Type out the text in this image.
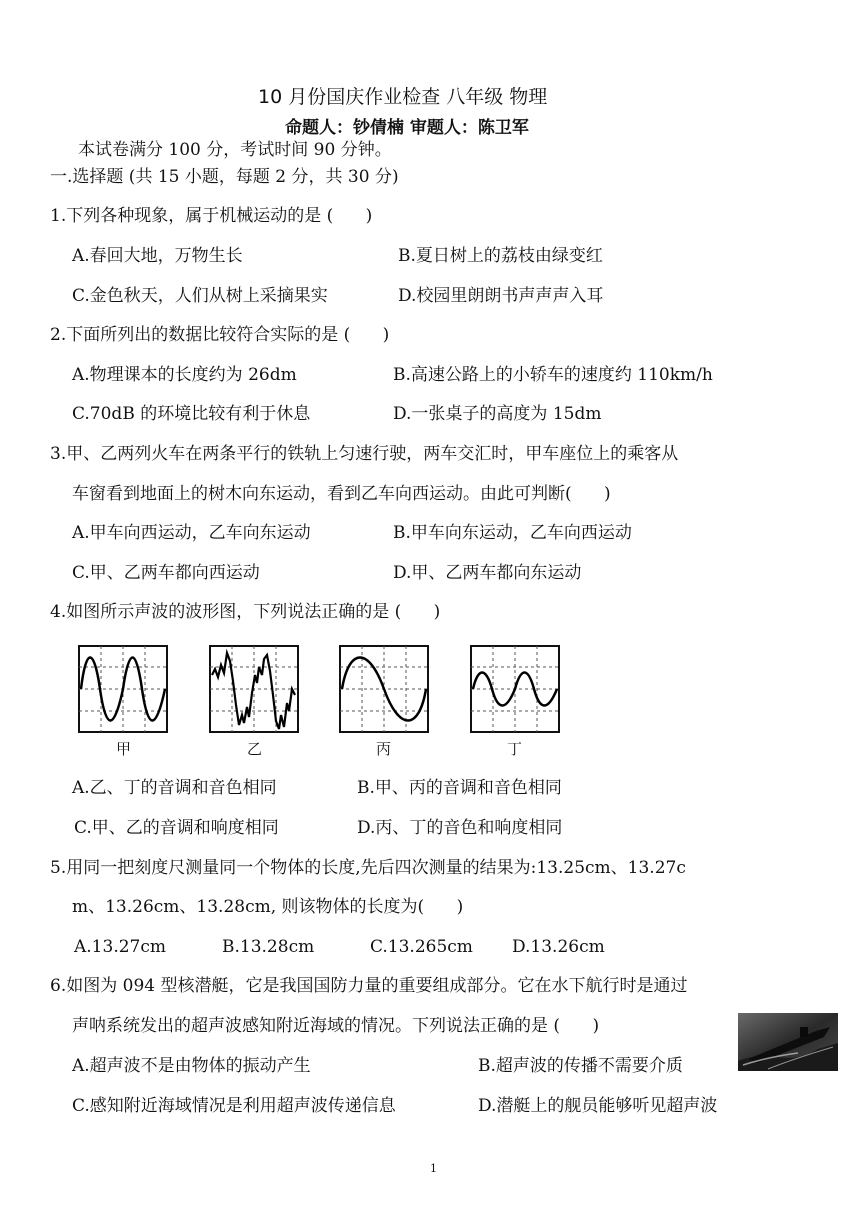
10 月份国庆作业检查 八年级 物理
命题人：钞倩楠 审题人：陈卫军
本试卷满分 100 分，考试时间 90 分钟。
一.选择题 (共 15 小题，每题 2 分，共 30 分)
1.下列各种现象，属于机械运动的是 (      )
A.春回大地，万物生长	B.夏日树上的荔枝由绿变红
C.金色秋天，人们从树上采摘果实	D.校园里朗朗书声声声入耳
2.下面所列出的数据比较符合实际的是 (      )
A.物理课本的长度约为 26dm	B.高速公路上的小轿车的速度约 110km/h
C.70dB 的环境比较有利于休息	D.一张桌子的高度为 15dm
3.甲、乙两列火车在两条平行的铁轨上匀速行驶，两车交汇时，甲车座位上的乘客从
车窗看到地面上的树木向东运动，看到乙车向西运动。由此可判断(      )
A.甲车向西运动，乙车向东运动	B.甲车向东运动，乙车向西运动
C.甲、乙两车都向西运动	D.甲、乙两车都向东运动
4.如图所示声波的波形图，下列说法正确的是 (      )
甲	乙	丙	丁
A.乙、丁的音调和音色相同	B.甲、丙的音调和音色相同
C.甲、乙的音调和响度相同	D.丙、丁的音色和响度相同
5.用同一把刻度尺测量同一个物体的长度,先后四次测量的结果为:13.25cm、13.27c
m、13.26cm、13.28cm, 则该物体的长度为(      )
A.13.27cm	B.13.28cm	C.13.265cm D.13.26cm
6.如图为 094 型核潜艇，它是我国国防力量的重要组成部分。它在水下航行时是通过
声呐系统发出的超声波感知附近海域的情况。下列说法正确的是 (      )
A.超声波不是由物体的振动产生	B.超声波的传播不需要介质
C.感知附近海域情况是利用超声波传递信息	D.潜艇上的舰员能够听见超声波
1
